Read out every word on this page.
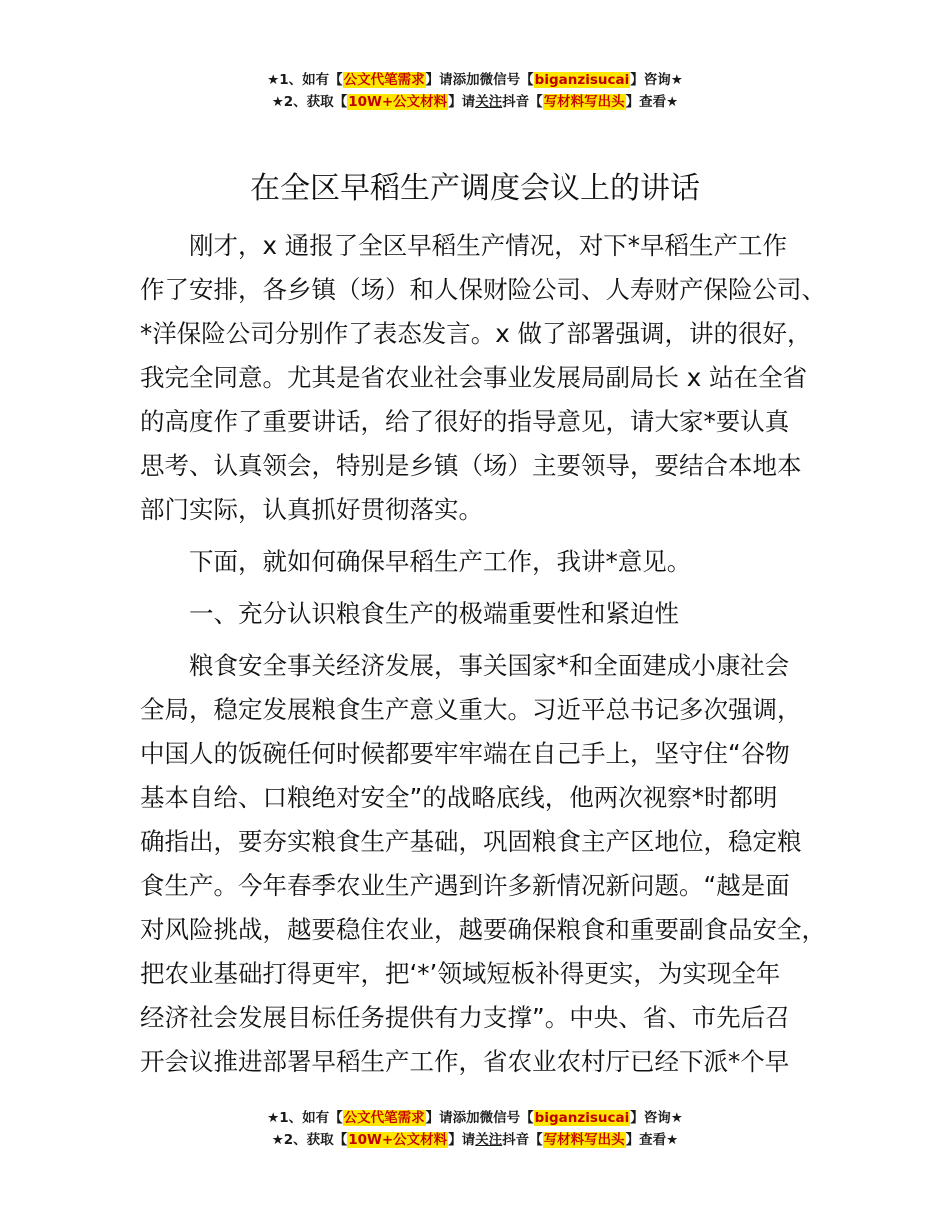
★1、如有【公文代笔需求】请添加微信号【biganzisucai】咨询★
★2、获取【10W+公文材料】请关注抖音【写材料写出头】查看★
在全区早稻生产调度会议上的讲话

刚才，x 通报了全区早稻生产情况，对下*早稻生产工作
作了安排，各乡镇（场）和人保财险公司、人寿财产保险公司、
*洋保险公司分别作了表态发言。x 做了部署强调，讲的很好，
我完全同意。尤其是省农业社会事业发展局副局长 x 站在全省
的高度作了重要讲话，给了很好的指导意见，请大家*要认真
思考、认真领会，特别是乡镇（场）主要领导，要结合本地本
部门实际，认真抓好贯彻落实。

下面，就如何确保早稻生产工作，我讲*意见。

一、充分认识粮食生产的极端重要性和紧迫性

粮食安全事关经济发展，事关国家*和全面建成小康社会
全局，稳定发展粮食生产意义重大。习近平总书记多次强调，
中国人的饭碗任何时候都要牢牢端在自己手上，坚守住“谷物
基本自给、口粮绝对安全”的战略底线，他两次视察*时都明
确指出，要夯实粮食生产基础，巩固粮食主产区地位，稳定粮
食生产。今年春季农业生产遇到许多新情况新问题。“越是面
对风险挑战，越要稳住农业，越要确保粮食和重要副食品安全，
把农业基础打得更牢，把‘*’领域短板补得更实，为实现全年
经济社会发展目标任务提供有力支撑”。中央、省、市先后召
开会议推进部署早稻生产工作，省农业农村厅已经下派*个早

★1、如有【公文代笔需求】请添加微信号【biganzisucai】咨询★
★2、获取【10W+公文材料】请关注抖音【写材料写出头】查看★
